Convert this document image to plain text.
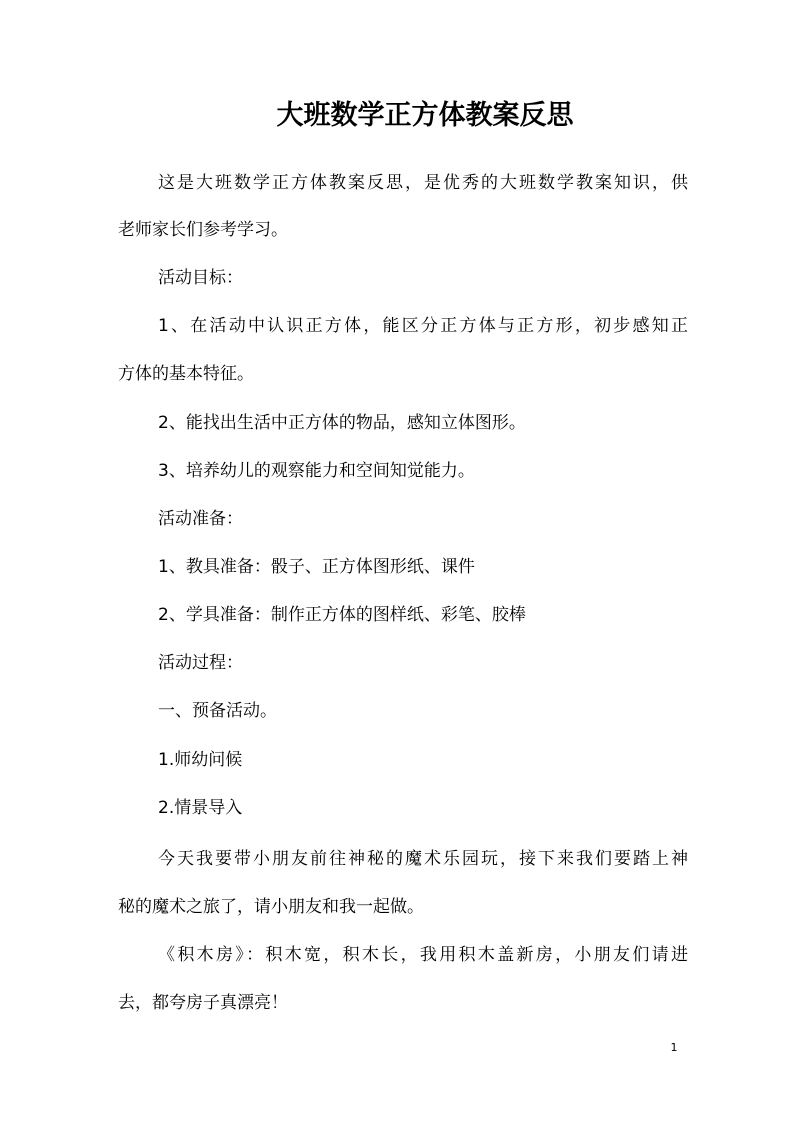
大班数学正方体教案反思
这是大班数学正方体教案反思，是优秀的大班数学教案知识，供
老师家长们参考学习。
活动目标：
1、在活动中认识正方体，能区分正方体与正方形，初步感知正
方体的基本特征。
2、能找出生活中正方体的物品，感知立体图形。
3、培养幼儿的观察能力和空间知觉能力。
活动准备：
1、教具准备：骰子、正方体图形纸、课件
2、学具准备：制作正方体的图样纸、彩笔、胶棒
活动过程：
一、预备活动。
1.师幼问候
2.情景导入
今天我要带小朋友前往神秘的魔术乐园玩，接下来我们要踏上神
秘的魔术之旅了，请小朋友和我一起做。
《积木房》：积木宽，积木长，我用积木盖新房，小朋友们请进
去，都夸房子真漂亮！
1
